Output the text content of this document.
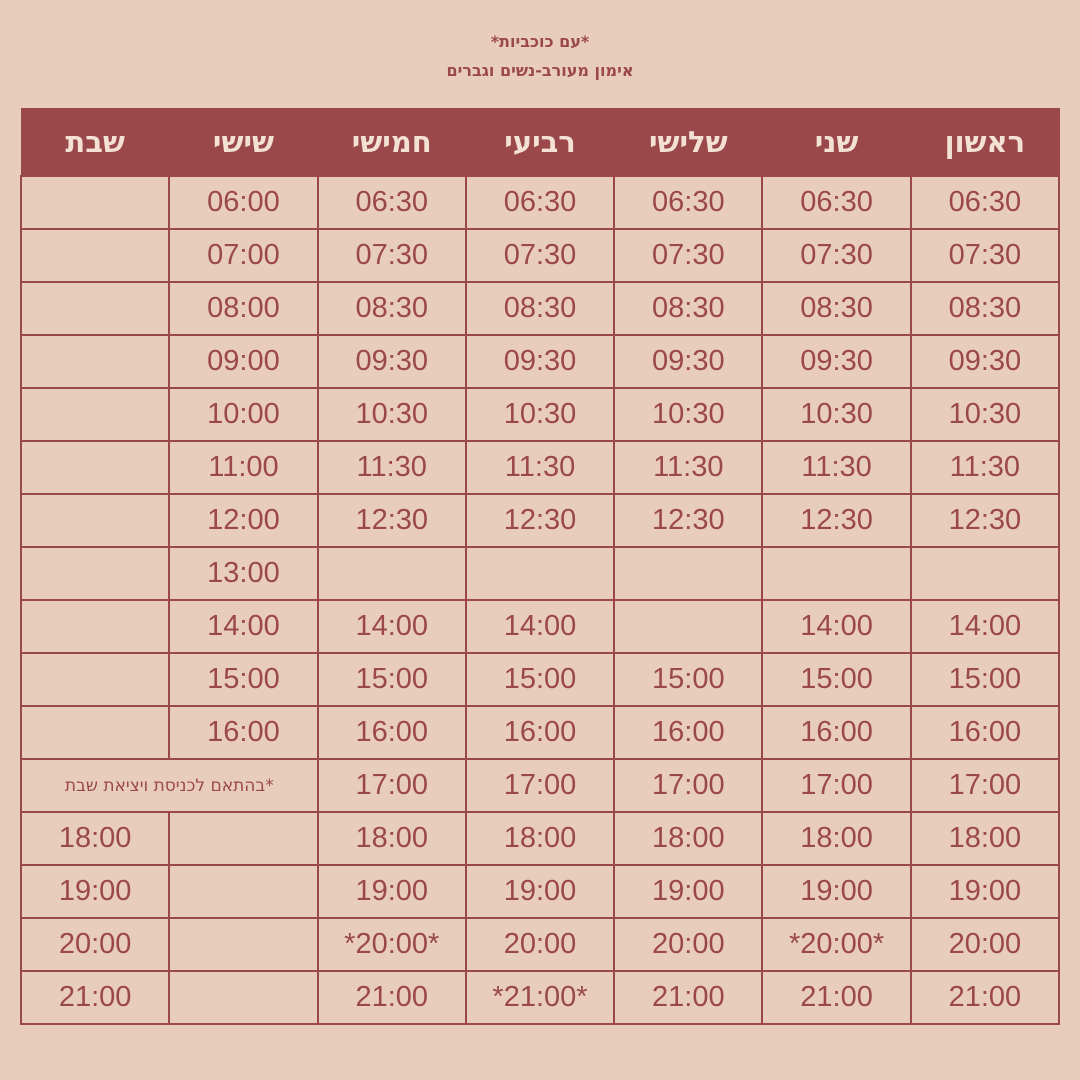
*עם כוכביות*
אימון מעורב-נשים וגברים
ראשון	שני	שלישי	רביעי	חמישי	שישי	שבת
06:30	06:30	06:30	06:30	06:30	06:00	
07:30	07:30	07:30	07:30	07:30	07:00	
08:30	08:30	08:30	08:30	08:30	08:00	
09:30	09:30	09:30	09:30	09:30	09:00	
10:30	10:30	10:30	10:30	10:30	10:00	
11:30	11:30	11:30	11:30	11:30	11:00	
12:30	12:30	12:30	12:30	12:30	12:00	
					13:00	
14:00	14:00		14:00	14:00	14:00	
15:00	15:00	15:00	15:00	15:00	15:00	
16:00	16:00	16:00	16:00	16:00	16:00	
17:00	17:00	17:00	17:00	17:00	*בהתאם לכניסת ויציאת שבת	
18:00	18:00	18:00	18:00	18:00		18:00
19:00	19:00	19:00	19:00	19:00		19:00
20:00	*20:00*	20:00	20:00	*20:00*		20:00
21:00	21:00	21:00	*21:00*	21:00		21:00
